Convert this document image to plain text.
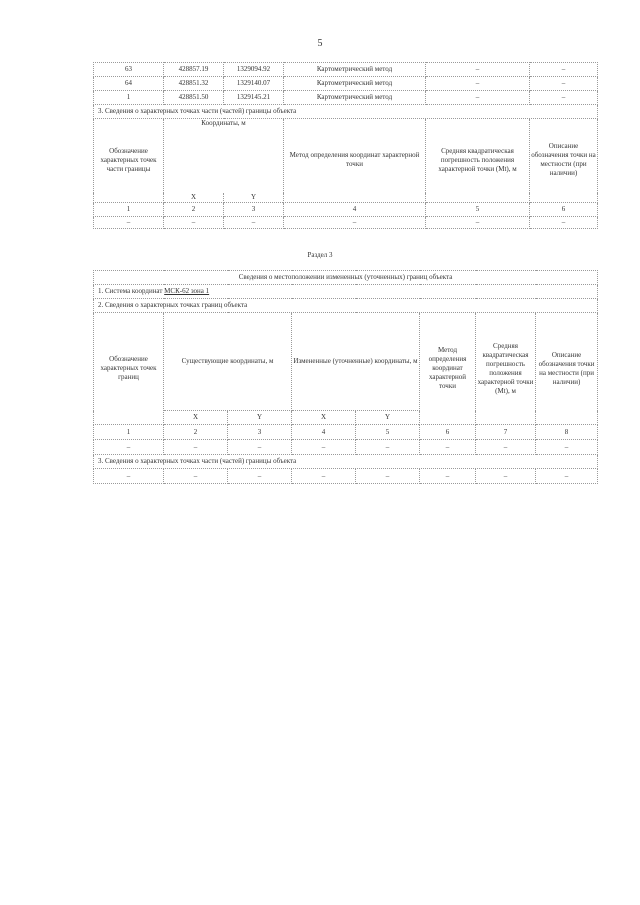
5
63	428857.19	1329094.92	Картометрический метод	–	–
64	428851.32	1329140.07	Картометрический метод	–	–
1	428851.50	1329145.21	Картометрический метод	–	–
3. Сведения о характерных точках части (частей) границы объекта					
Обозначение характерных точек части границы	Координаты, м		Метод определения координат характерной точки	Средняя квадратическая погрешность положения характерной точки (Мt), м	Описание обозначения точки на местности (при наличии)
	X	Y			
1	2	3	4	5	6
–	–	–	–	–	–
Раздел 3
Сведения о местоположении измененных (уточненных) границ объекта							
1. Система координат МСК-62 зона 1							
2. Сведения о характерных точках границ объекта							
Обозначение характерных точек границ	Существующие координаты, м		Измененные (уточненные) координаты, м		Метод определения координат характерной точки	Средняя квадратическая погрешность положения характерной точки (Мt), м	Описание обозначения точки на местности (при наличии)
	X	Y	X	Y			
1	2	3	4	5	6	7	8
–	–	–	–	–	–	–	–
3. Сведения о характерных точках части (частей) границы объекта							
–	–	–	–	–	–	–	–
